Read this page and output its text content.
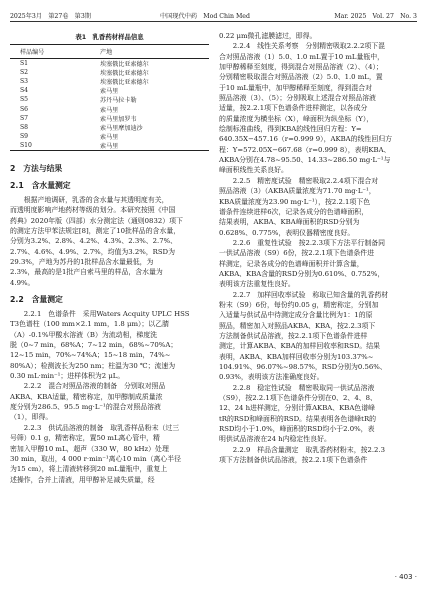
2025年3月　第27卷　第3期	中国现代中药　Mod Chin Med	Mar. 2025　Vol. 27　No. 3
表1　乳香药材样品信息
样品编号	产地
S1	埃塞俄比亚索德尔
S2	埃塞俄比亚索德尔
S3	埃塞俄比亚索德尔
S4	索马里
S5	苏丹马拉卡勒
S6	索马里
S7	索马里加罗韦
S8	索马里摩加迪沙
S9	索马里
S10	索马里
2　方法与结果
2.1　含水量测定
根据产地调研，乳香的含水量与其透明度有关，
而透明度影响产地药材等级的划分。本研究按照《中国
药典》2020年版（四部）水分测定法（通则0832）项下
的测定方法甲苯法规定[8]，测定了10批样品的含水量，
分别为3.2%、2.8%、4.2%、4.3%、2.3%、2.7%、
2.7%、4.6%、4.9%、2.7%，均值为3.2%，RSD为
29.3%，产地为苏丹的1批样品含水量最低，为
2.3%，最高的是1批产自索马里的样品，含水量为
4.9%。
2.2　含量测定
2.2.1　色谱条件　采用Waters Acquity UPLC HSS
T3色谱柱（100 mm×2.1 mm，1.8 μm）；以乙腈
（A）-0.1%甲酸水溶液（B）为流动相，梯度洗
脱（0~7 min，68%A；7~12 min，68%~70%A；
12~15 min，70%~74%A；15~18 min，74%~
80%A）；检测波长为250 nm；柱温为30 ℃；流速为
0.30 mL·min⁻¹；进样体积为2 μL。
2.2.2　混合对照品溶液的制备　分别取对照品
AKBA、KBA适量，精密称定，加甲醇制成质量浓
度分别为286.5、95.5 mg·L⁻¹的混合对照品溶液
（1），即得。
2.2.3　供试品溶液的制备　取乳香样品粉末（过三
号筛）0.1 g，精密称定，置50 mL离心管中，精
密加入甲醇10 mL，超声（330 W，80 kHz）处理
30 min，取出，4 000 r·min⁻¹离心10 min（离心半径
为15 cm），将上清液转移到20 mL量瓶中，重复上
述操作，合并上清液，用甲醇补足减失质量，经
0.22 μm微孔滤膜滤过，即得。
2.2.4　线性关系考察　分别精密吸取2.2.2项下混
合对照品溶液（1）5.0、1.0 mL置于10 mL量瓶中，
加甲醇稀释至刻度，得到混合对照品溶液（2）、（4）；
分别精密吸取混合对照品溶液（2）5.0、1.0 mL，置
于10 mL量瓶中，加甲醇稀释至刻度，得到混合对
照品溶液（3）、（5）；分别吸取上述混合对照品溶液
适量，按2.2.1项下色谱条件进样测定，以各成分
的质量浓度为横坐标（X），峰面积为纵坐标（Y），
绘制标准曲线，得到KBA的线性回归方程：Y=
640.35X−457.16（r=0.999 9），AKBA的线性回归方
程：Y=572.05X−667.68（r=0.999 8），表明KBA、
AKBA分别在4.78~95.50、14.33~286.50 mg·L⁻¹与
峰面积线性关系良好。
2.2.5　精密度试验　精密吸取2.2.4项下混合对
照品溶液（3）（AKBA质量浓度为71.70 mg·L⁻¹，
KBA质量浓度为23.90 mg·L⁻¹），按2.2.1项下色
谱条件连续进样6次，记录各成分的色谱峰面积，
结果表明，AKBA、KBA峰面积的RSD分别为
0.628%、0.775%，表明仪器精密度良好。
2.2.6　重复性试验　按2.2.3项下方法平行制备同
一供试品溶液（S9）6份，按2.2.1项下色谱条件进
样测定，记录各成分的色谱峰面积并计算含量，
AKBA、KBA含量的RSD分别为0.610%、0.752%，
表明该方法重复性良好。
2.2.7　加样回收率试验　称取已知含量的乳香药材
粉末（S9）6份，每份约0.05 g，精密称定，分别加
入适量与供试品中待测定成分含量比例为1：1的原
照品，精密加入对照品AKBA、KBA，按2.2.3项下
方法制备供试品溶液，按2.2.1项下色谱条件进样
测定，计算AKBA、KBA的加样回收率和RSD。结果
表明，AKBA、KBA加样回收率分别为103.37%~
104.91%、96.07%~98.57%，RSD分别为0.56%、
0.93%，表明该方法准确度良好。
2.2.8　稳定性试验　精密吸取同一供试品溶液
（S9），按2.2.1项下色谱条件分别在0、2、4、8、
12、24 h进样测定，分别计算AKBA、KBA色谱峰
tR的RSD和峰面积的RSD。结果表明各色谱峰tR的
RSD均小于1.0%，峰面积的RSD均小于2.0%，表
明供试品溶液在24 h内稳定性良好。
2.2.9　样品含量测定　取乳香药材粉末，按2.2.3
项下方法制备供试品溶液，按2.2.1项下色谱条件
· 403 ·
